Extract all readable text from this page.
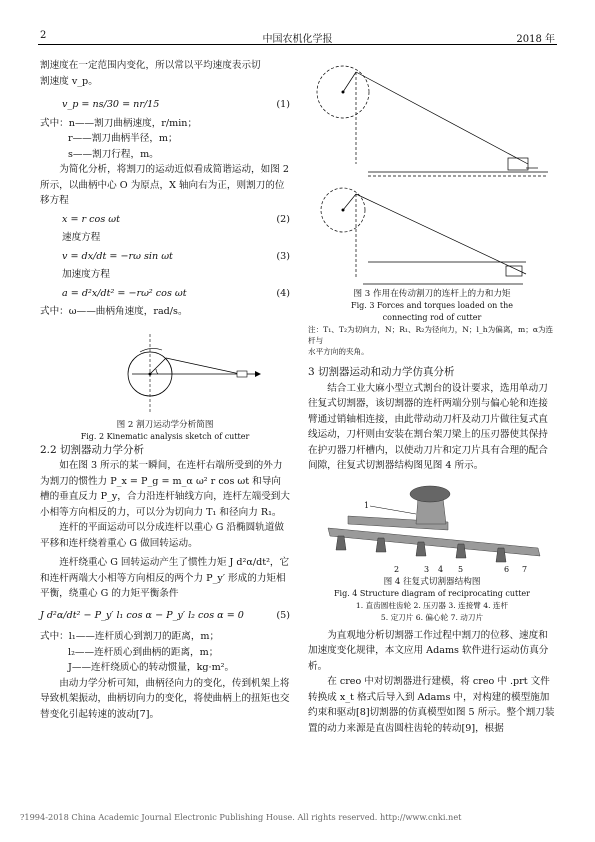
2	中国农机化学报	2018 年

割速度在一定范围内变化，所以常以平均速度表示切

割速度 v_p。

v_p = ns/30 = nr/15	(1)

式中：n——割刀曲柄速度，r/min；

r——割刀曲柄半径，m；

s——割刀行程，m。

为简化分析，将割刀的运动近似看成简谐运动，如图 2 所示，以曲柄中心 O 为原点，X 轴向右为正，则割刀的位移方程

x = r cos ωt	(2)

速度方程

v = dx/dt = −rω sin ωt	(3)

加速度方程

a = d²x/dt² = −rω² cos ωt	(4)

式中：ω——曲柄角速度，rad/s。

图 2 割刀运动学分析简图
Fig. 2 Kinematic analysis sketch of cutter

2.2 切割器动力学分析

如在图 3 所示的某一瞬间，在连杆右端所受到的外力为割刀的惯性力 P_x = P_g = m_α ω² r cos ωt 和导向槽的垂直反力 P_y，合力沿连杆轴线方向，连杆左端受到大小相等方向相反的力，可以分为切向力 T₁ 和径向力 R₁。

连杆的平面运动可以分成连杆以重心 G 沿椭圆轨道做平移和连杆绕着重心 G 做回转运动。

连杆绕重心 G 回转运动产生了惯性力矩 J d²α/dt²，它和连杆两端大小相等方向相反的两个力 P_y′ 形成的力矩相平衡，绕重心 G 的力矩平衡条件

J d²α/dt² − P_y′ l₁ cos α − P_y′ l₂ cos α = 0	(5)

式中：l₁——连杆质心到割刀的距离，m；

l₂——连杆质心到曲柄的距离，m；

J——连杆绕质心的转动惯量，kg·m²。

由动力学分析可知，曲柄径向力的变化，传到机架上将导致机架振动，曲柄切向力的变化，将使曲柄上的扭矩也交替变化引起转速的波动[7]。

图 3 作用在传动割刀的连杆上的力和力矩
Fig. 3 Forces and torques loaded on the
connecting rod of cutter

注：T₁、T₂为切向力，N；R₁、R₂为径向力，N；l_h为偏离，m；α为连杆与

水平方向的夹角。

3 切割器运动和动力学仿真分析

结合工业大麻小型立式割台的设计要求，选用单动刀往复式切割器，该切割器的连杆两端分别与偏心轮和连接臂通过销轴相连接，由此带动动刀杆及动刀片做往复式直线运动，刀杆则由安装在割台架刀梁上的压刃器使其保持在护刃器刀杆槽内，以使动刀片和定刀片具有合理的配合间隙，往复式切割器结构图见图 4 所示。

1
2	3 4 5	6 7
图 4 往复式切割器结构图
Fig. 4 Structure diagram of reciprocating cutter
1. 直齿圆柱齿轮 2. 压刃器 3. 连接臂 4. 连杆
5. 定刀片 6. 偏心轮 7. 动刀片

为直观地分析切割器工作过程中割刀的位移、速度和加速度变化规律，本文应用 Adams 软件进行运动仿真分析。

在 creo 中对切割器进行建模，将 creo 中 .prt 文件转换成 x_t 格式后导入到 Adams 中，对构建的模型施加约束和驱动[8]切割器的仿真模型如图 5 所示。整个割刀装置的动力来源是直齿圆柱齿轮的转动[9]，根据

?1994-2018 China Academic Journal Electronic Publishing House. All rights reserved. http://www.cnki.net
